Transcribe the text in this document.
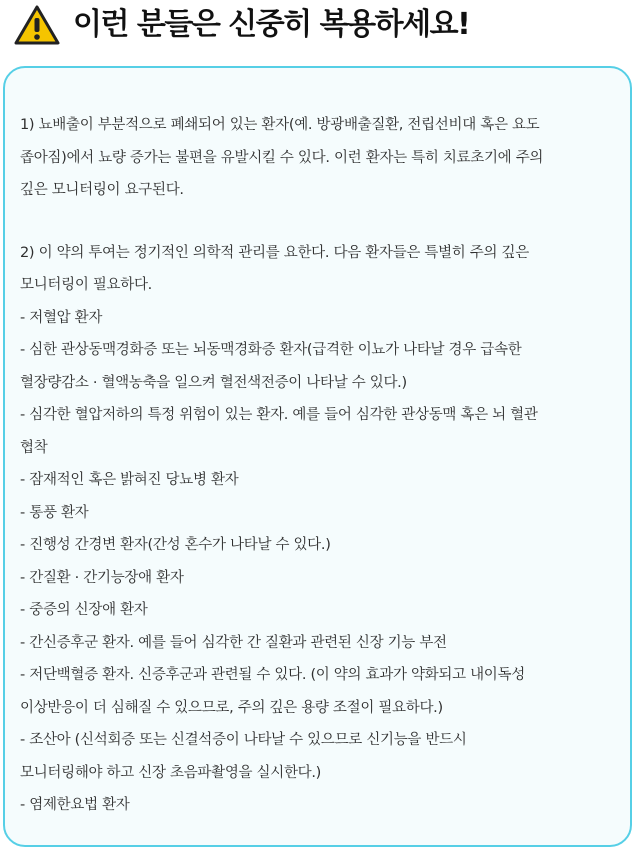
이런 분들은 신중히 복용하세요!
1) 뇨배출이 부분적으로 폐쇄되어 있는 환자(예. 방광배출질환, 전립선비대 혹은 요도
좁아짐)에서 뇨량 증가는 불편을 유발시킬 수 있다. 이런 환자는 특히 치료초기에 주의
깊은 모니터링이 요구된다.
2) 이 약의 투여는 정기적인 의학적 관리를 요한다. 다음 환자들은 특별히 주의 깊은
모니터링이 필요하다.
- 저혈압 환자
- 심한 관상동맥경화증 또는 뇌동맥경화증 환자(급격한 이뇨가 나타날 경우 급속한
혈장량감소 · 혈액농축을 일으켜 혈전색전증이 나타날 수 있다.)
- 심각한 혈압저하의 특정 위험이 있는 환자. 예를 들어 심각한 관상동맥 혹은 뇌 혈관
협착
- 잠재적인 혹은 밝혀진 당뇨병 환자
- 통풍 환자
- 진행성 간경변 환자(간성 혼수가 나타날 수 있다.)
- 간질환 · 간기능장애 환자
- 중증의 신장애 환자
- 간신증후군 환자. 예를 들어 심각한 간 질환과 관련된 신장 기능 부전
- 저단백혈증 환자. 신증후군과 관련될 수 있다. (이 약의 효과가 약화되고 내이독성
이상반응이 더 심해질 수 있으므로, 주의 깊은 용량 조절이 필요하다.)
- 조산아 (신석회증 또는 신결석증이 나타날 수 있으므로 신기능을 반드시
모니터링해야 하고 신장 초음파촬영을 실시한다.)
- 염제한요법 환자
